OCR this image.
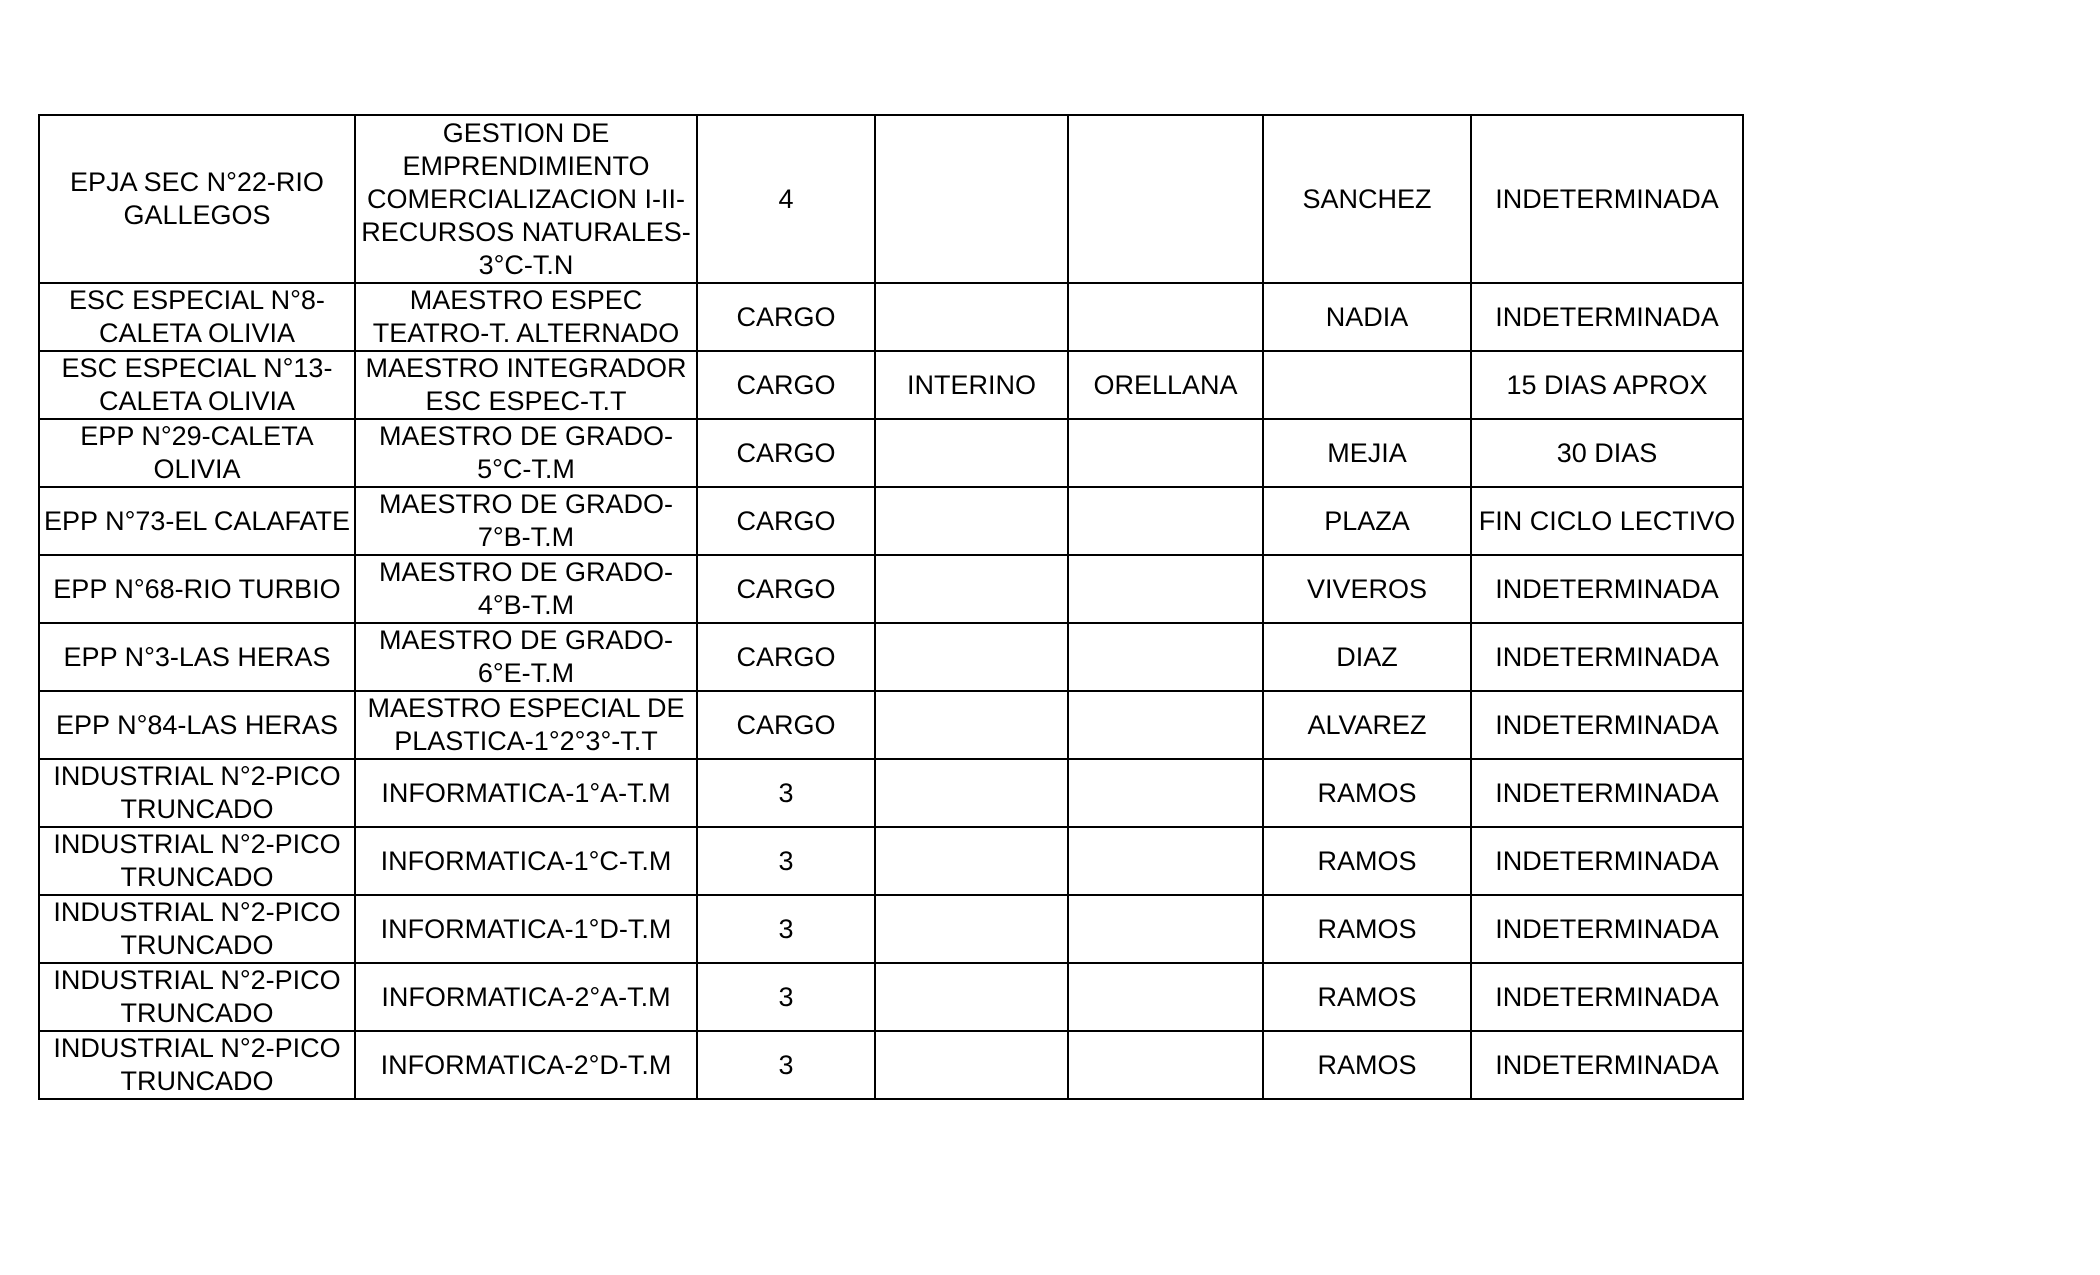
EPJA SEC N°22-RIO GALLEGOS	GESTION DE EMPRENDIMIENTO COMERCIALIZACION I-II-RECURSOS NATURALES-3°C-T.N	4			SANCHEZ	INDETERMINADA
ESC ESPECIAL N°8-CALETA OLIVIA	MAESTRO ESPEC TEATRO-T. ALTERNADO	CARGO			NADIA	INDETERMINADA
ESC ESPECIAL N°13-CALETA OLIVIA	MAESTRO INTEGRADOR ESC ESPEC-T.T	CARGO	INTERINO	ORELLANA		15 DIAS APROX
EPP N°29-CALETA OLIVIA	MAESTRO DE GRADO-5°C-T.M	CARGO			MEJIA	30 DIAS
EPP N°73-EL CALAFATE	MAESTRO DE GRADO-7°B-T.M	CARGO			PLAZA	FIN CICLO LECTIVO
EPP N°68-RIO TURBIO	MAESTRO DE GRADO-4°B-T.M	CARGO			VIVEROS	INDETERMINADA
EPP N°3-LAS HERAS	MAESTRO DE GRADO-6°E-T.M	CARGO			DIAZ	INDETERMINADA
EPP N°84-LAS HERAS	MAESTRO ESPECIAL DE PLASTICA-1°2°3°-T.T	CARGO			ALVAREZ	INDETERMINADA
INDUSTRIAL N°2-PICO TRUNCADO	INFORMATICA-1°A-T.M	3			RAMOS	INDETERMINADA
INDUSTRIAL N°2-PICO TRUNCADO	INFORMATICA-1°C-T.M	3			RAMOS	INDETERMINADA
INDUSTRIAL N°2-PICO TRUNCADO	INFORMATICA-1°D-T.M	3			RAMOS	INDETERMINADA
INDUSTRIAL N°2-PICO TRUNCADO	INFORMATICA-2°A-T.M	3			RAMOS	INDETERMINADA
INDUSTRIAL N°2-PICO TRUNCADO	INFORMATICA-2°D-T.M	3			RAMOS	INDETERMINADA
